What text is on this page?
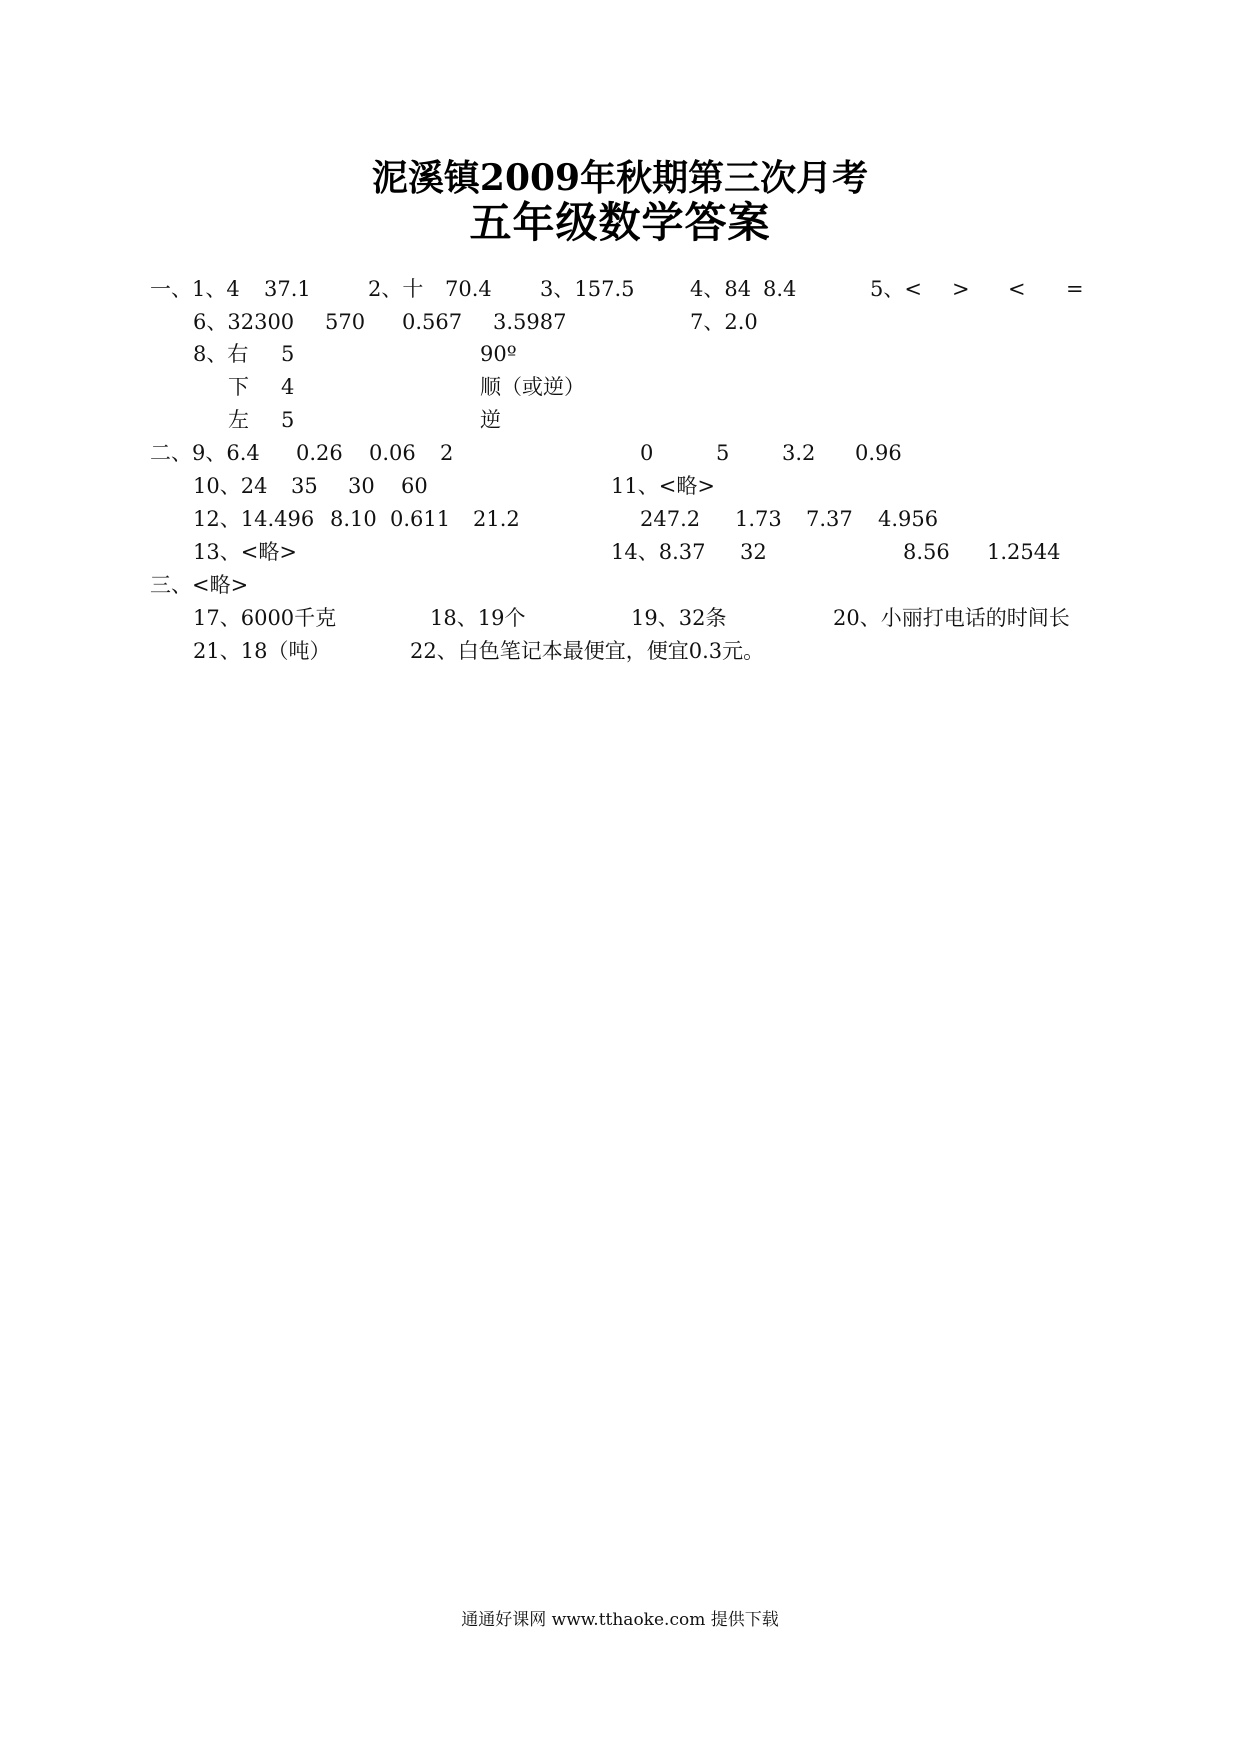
泥溪镇2009年秋期第三次月考
五年级数学答案
一、1、4 37.1	2、十 70.4 3、157.5	4、84 8.4	5、< > < =
6、32300 570 0.567 3.5987	7、2.0
8、右 5	90º
下 4	顺（或逆）
左 5	逆
二、9、6.4 0.26 0.06 2	0	5	3.2 0.96
10、24 35 30 60	11、<略>
12、14.496 8.10 0.611 21.2	247.2 1.73 7.37 4.956
13、<略>	14、8.37 32	8.56 1.2544
三、<略>
17、6000千克	18、19个	19、32条	20、小丽打电话的时间长
21、18（吨）	22、白色笔记本最便宜，便宜0.3元。
通通好课网 www.tthaoke.com 提供下载
